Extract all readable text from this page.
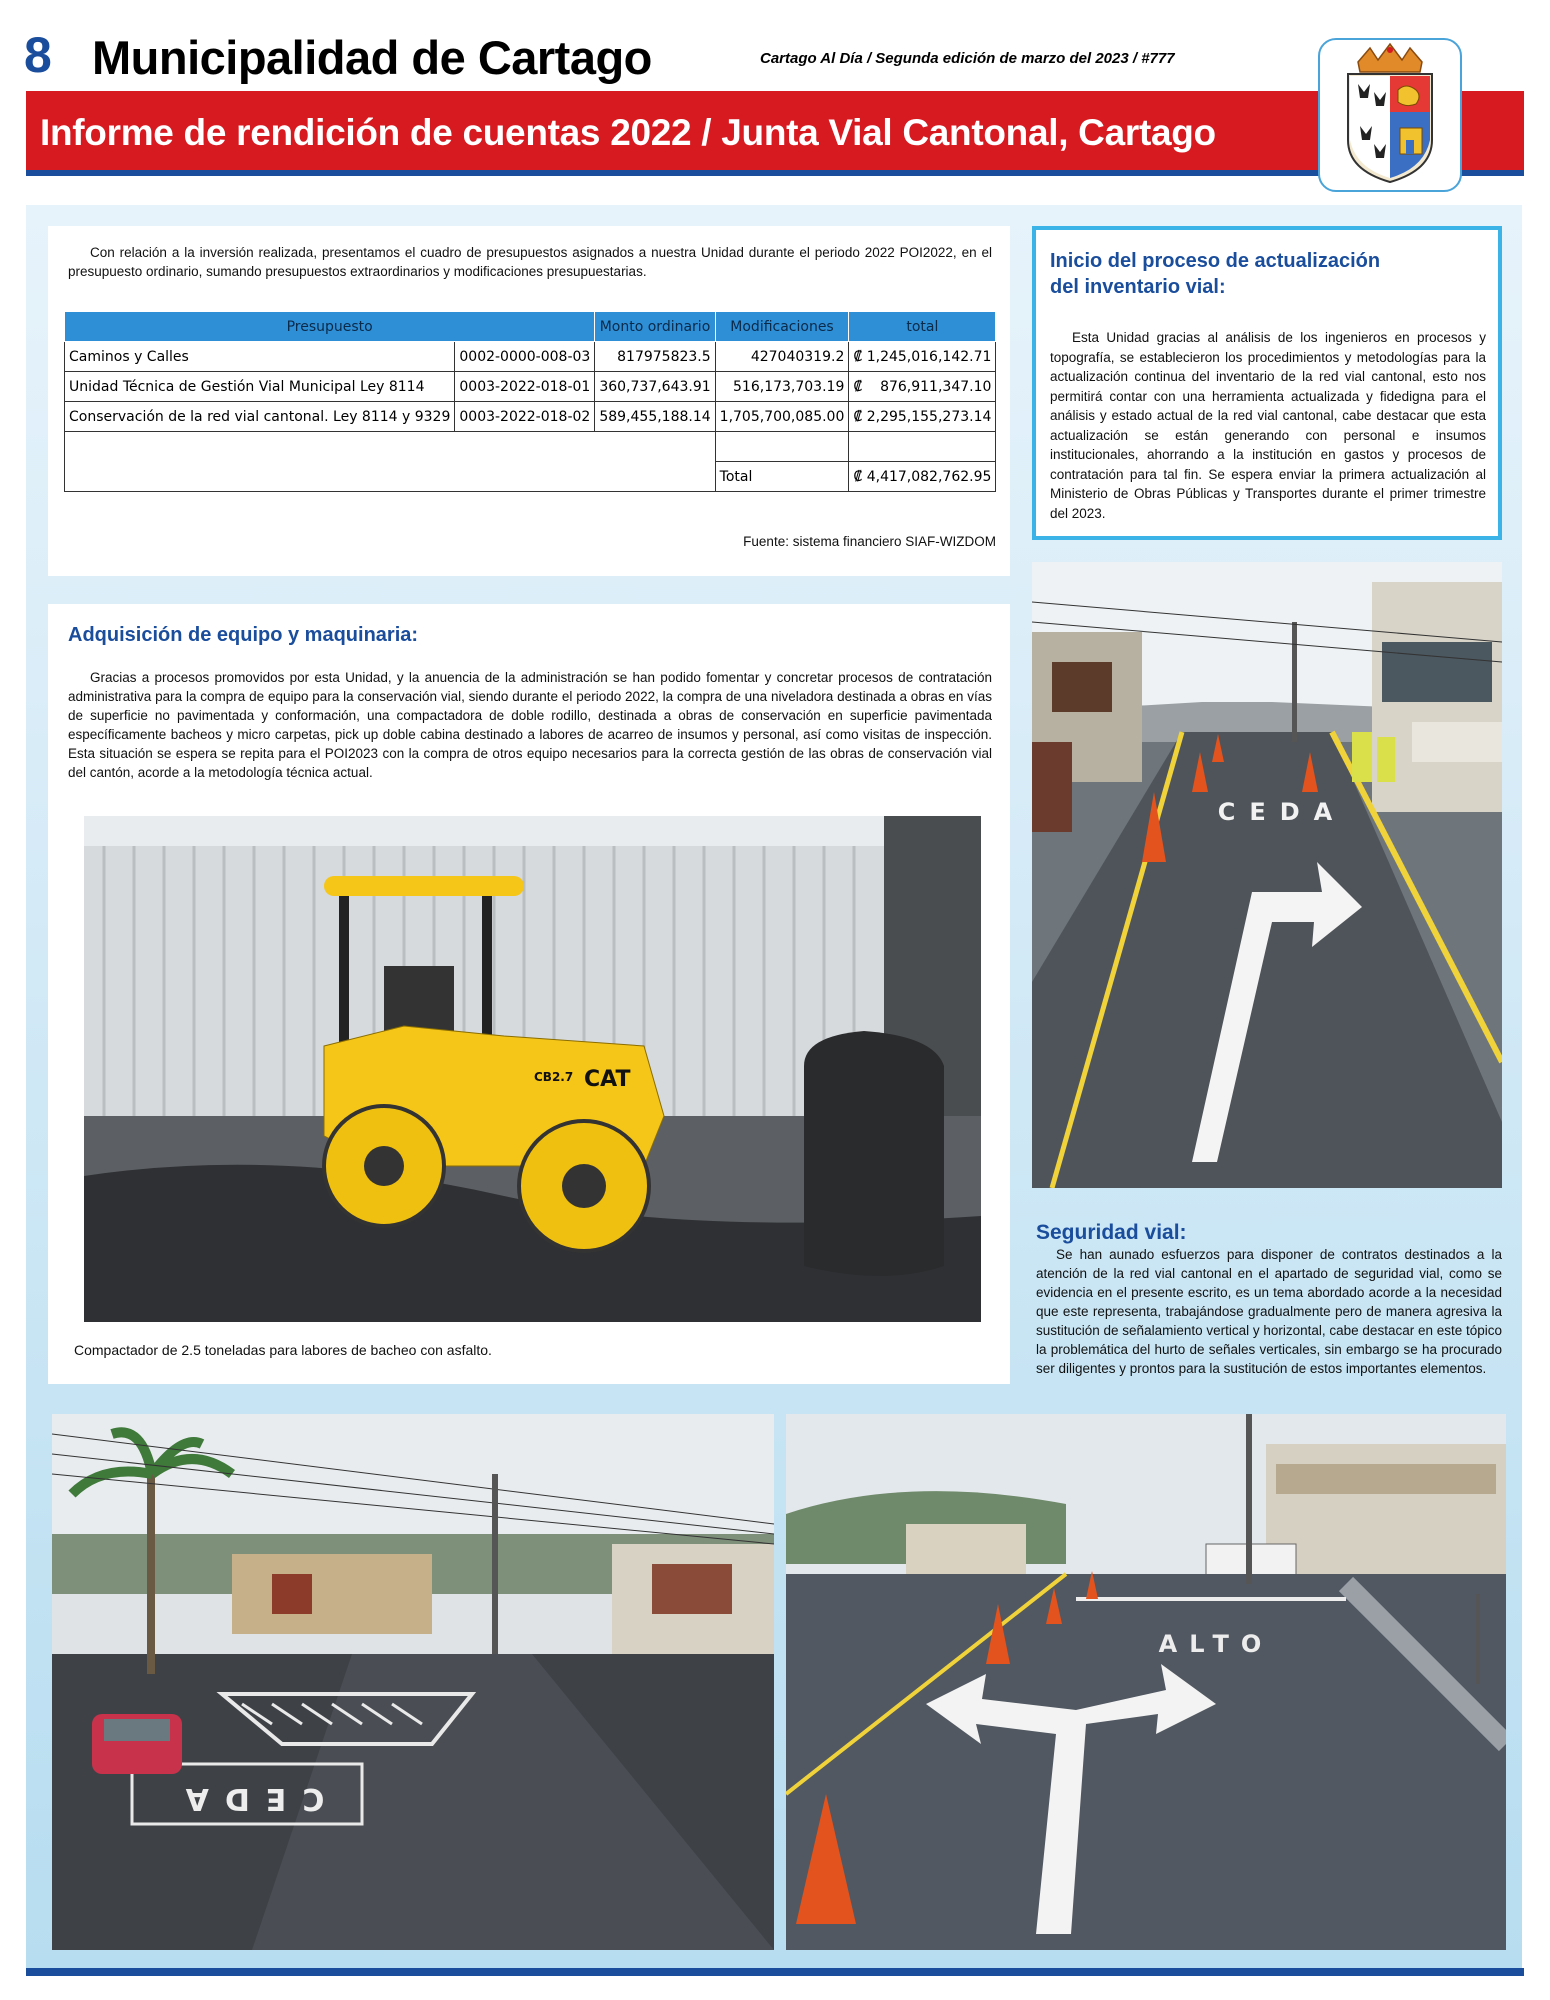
8 Municipalidad de Cartago	Cartago Al Día / Segunda edición de marzo del 2023 / #777
Informe de rendición de cuentas 2022 / Junta Vial Cantonal, Cartago

Con relación a la inversión realizada, presentamos el cuadro de presupuestos asignados a nuestra Unidad durante el periodo 2022 POI2022, en el presupuesto ordinario, sumando presupuestos extraordinarios y modificaciones presupuestarias.

Presupuesto		Monto ordinario	Modificaciones	total
Caminos y Calles	0002-0000-008-03	817975823.5	427040319.2	₡ 1,245,016,142.71
Unidad Técnica de Gestión Vial Municipal Ley 8114	0003-2022-018-01	360,737,643.91	516,173,703.19	₡    876,911,347.10
Conservación de la red vial cantonal. Ley 8114 y 9329	0003-2022-018-02	589,455,188.14	1,705,700,085.00	₡ 2,295,155,273.14

			Total	₡ 4,417,082,762.95
Fuente: sistema financiero SIAF-WIZDOM
Inicio del proceso de actualización
del inventario vial:

Esta Unidad gracias al análisis de los ingenieros en procesos y topografía, se establecieron los procedimientos y metodologías para la actualización continua del inventario de la red vial cantonal, esto nos permitirá contar con una herramienta actualizada y fidedigna para el análisis y estado actual de la red vial cantonal, cabe destacar que esta actualización se están generando con personal e insumos institucionales, ahorrando a la institución en gastos y procesos de contratación para tal fin. Se espera enviar la primera actualización al Ministerio de Obras Públicas y Transportes durante el primer trimestre del 2023.

CEDA
Adquisición de equipo y maquinaria:

Gracias a procesos promovidos por esta Unidad, y la anuencia de la administración se han podido fomentar y concretar procesos de contratación administrativa para la compra de equipo para la conservación vial, siendo durante el periodo 2022, la compra de una niveladora destinada a obras en vías de superficie no pavimentada y conformación, una compactadora de doble rodillo, destinada a obras de conservación en superficie pavimentada específicamente bacheos y micro carpetas, pick up doble cabina destinado a labores de acarreo de insumos y personal, así como visitas de inspección. Esta situación se espera se repita para el POI2023 con la compra de otros equipo necesarios para la correcta gestión de las obras de conservación vial del cantón, acorde a la metodología técnica actual.

CAT
CB2.7
Compactador de 2.5 toneladas para labores de bacheo con asfalto.
Seguridad vial:

Se han aunado esfuerzos para disponer de contratos destinados a la atención de la red vial cantonal en el apartado de seguridad vial, como se evidencia en el presente escrito, es un tema abordado acorde a la necesidad que este representa, trabajándose gradualmente pero de manera agresiva la sustitución de señalamiento vertical y horizontal, cabe destacar en este tópico la problemática del hurto de señales verticales, sin embargo se ha procurado ser diligentes y prontos para la sustitución de estos importantes elementos.

CEDA
ALTO
